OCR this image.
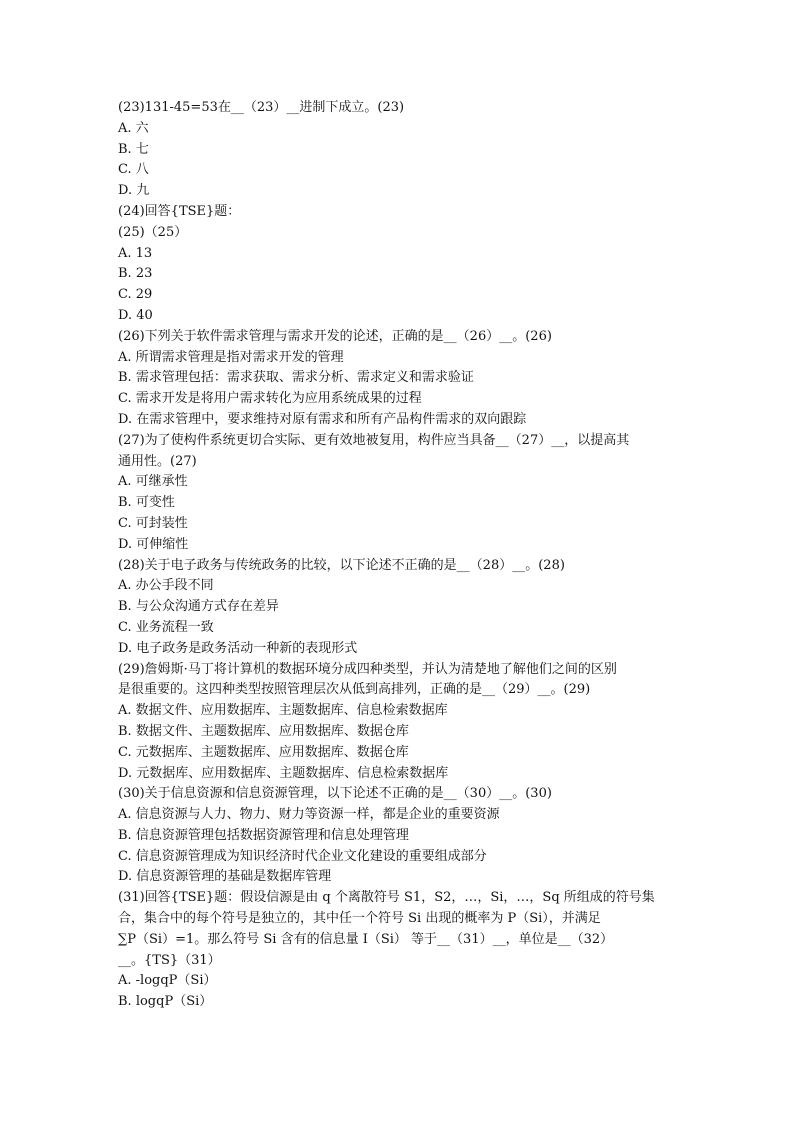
(23)131-45=53在__（23）__进制下成立。(23)
A. 六
B. 七
C. 八
D. 九
(24)回答{TSE}题：
(25)（25）
A. 13
B. 23
C. 29
D. 40
(26)下列关于软件需求管理与需求开发的论述，正确的是__（26）__。(26)
A. 所谓需求管理是指对需求开发的管理
B. 需求管理包括：需求获取、需求分析、需求定义和需求验证
C. 需求开发是将用户需求转化为应用系统成果的过程
D. 在需求管理中，要求维持对原有需求和所有产品构件需求的双向跟踪
(27)为了使构件系统更切合实际、更有效地被复用，构件应当具备__（27）__，以提高其
通用性。(27)
A. 可继承性
B. 可变性
C. 可封装性
D. 可伸缩性
(28)关于电子政务与传统政务的比较，以下论述不正确的是__（28）__。(28)
A. 办公手段不同
B. 与公众沟通方式存在差异
C. 业务流程一致
D. 电子政务是政务活动一种新的表现形式
(29)詹姆斯·马丁将计算机的数据环境分成四种类型，并认为清楚地了解他们之间的区别
是很重要的。这四种类型按照管理层次从低到高排列，正确的是__（29）__。(29)
A. 数据文件、应用数据库、主题数据库、信息检索数据库
B. 数据文件、主题数据库、应用数据库、数据仓库
C. 元数据库、主题数据库、应用数据库、数据仓库
D. 元数据库、应用数据库、主题数据库、信息检索数据库
(30)关于信息资源和信息资源管理，以下论述不正确的是__（30）__。(30)
A. 信息资源与人力、物力、财力等资源一样，都是企业的重要资源
B. 信息资源管理包括数据资源管理和信息处理管理
C. 信息资源管理成为知识经济时代企业文化建设的重要组成部分
D. 信息资源管理的基础是数据库管理
(31)回答{TSE}题：假设信源是由 q 个离散符号 S1，S2，…，Si，…，Sq 所组成的符号集
合，集合中的每个符号是独立的，其中任一个符号 Si 出现的概率为 P（Si），并满足
∑P（Si）=1。那么符号 Si 含有的信息量 I（Si） 等于__（31）__，单位是__（32）
__。{TS}（31）
A. -logqP（Si）
B. logqP（Si）
